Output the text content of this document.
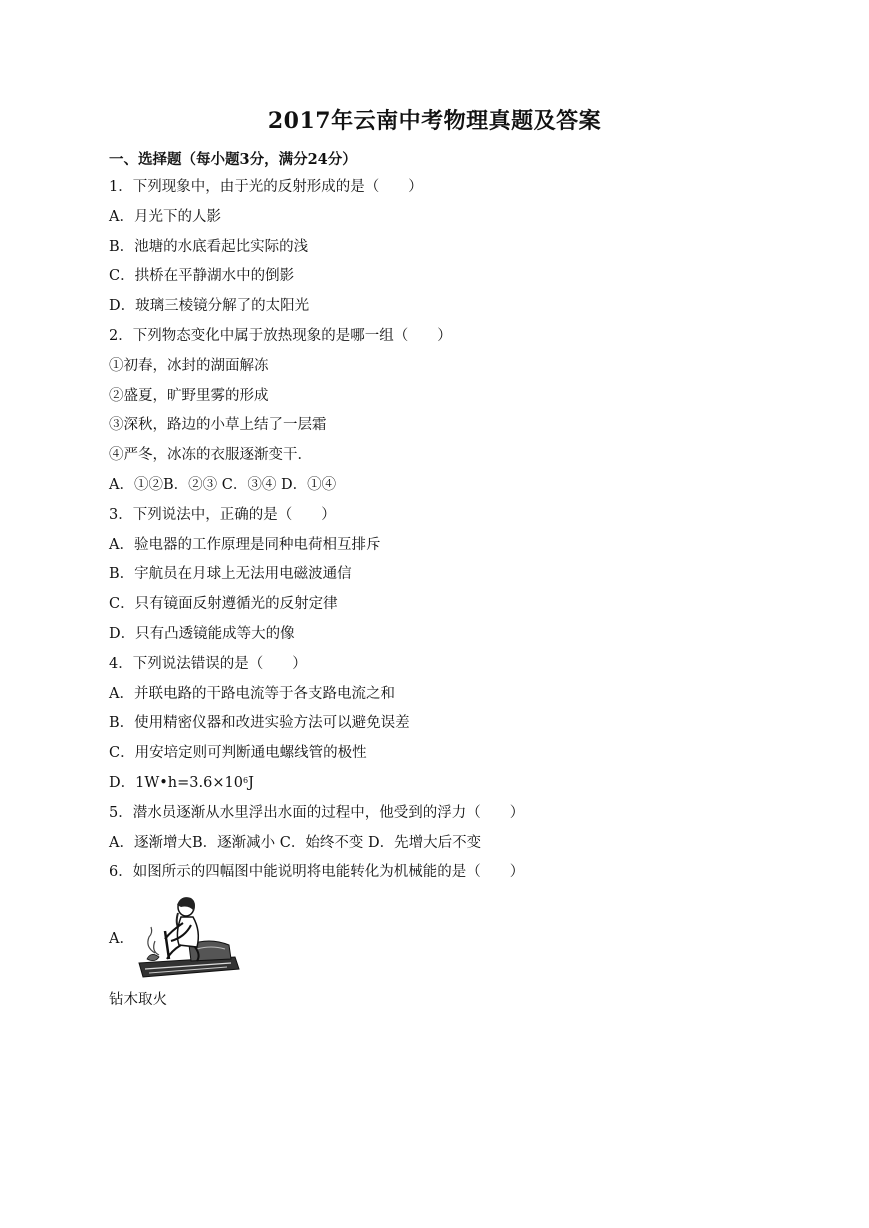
2017年云南中考物理真题及答案
一、选择题（每小题3分，满分24分）
1．下列现象中，由于光的反射形成的是（　　）
A．月光下的人影
B．池塘的水底看起比实际的浅
C．拱桥在平静湖水中的倒影
D．玻璃三棱镜分解了的太阳光
2．下列物态变化中属于放热现象的是哪一组（　　）
①初春，冰封的湖面解冻
②盛夏，旷野里雾的形成
③深秋，路边的小草上结了一层霜
④严冬，冰冻的衣服逐渐变干．
A．①②B．②③ C．③④ D．①④
3．下列说法中，正确的是（　　）
A．验电器的工作原理是同种电荷相互排斥
B．宇航员在月球上无法用电磁波通信
C．只有镜面反射遵循光的反射定律
D．只有凸透镜能成等大的像
4．下列说法错误的是（　　）
A．并联电路的干路电流等于各支路电流之和
B．使用精密仪器和改进实验方法可以避免误差
C．用安培定则可判断通电螺线管的极性
D．$1W•h=3.6\times 10^6J$
5．潜水员逐渐从水里浮出水面的过程中，他受到的浮力（　　）
A．逐渐增大B．逐渐减小 C．始终不变 D．先增大后不变
6．如图所示的四幅图中能说明将电能转化为机械能的是（　　）
A．
钻木取火
